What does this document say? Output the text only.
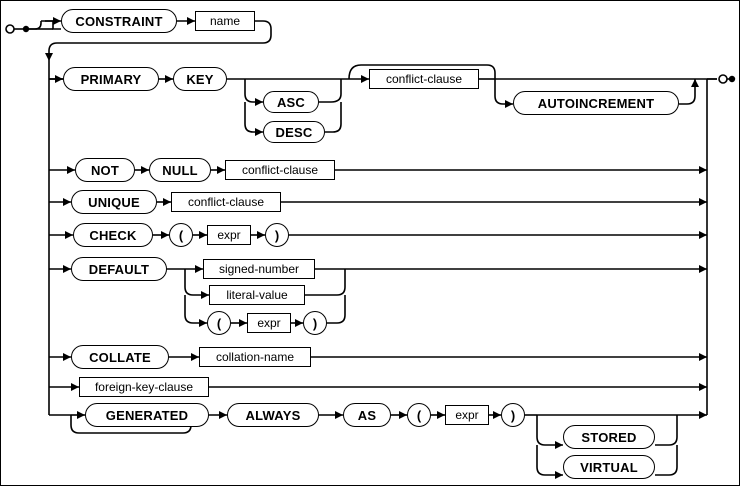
CONSTRAINT	name
PRIMARY	KEY
ASC
DESC
conflict-clause
AUTOINCREMENT
NOT	NULL	conflict-clause
UNIQUE	conflict-clause
CHECK	(	expr	)
DEFAULT	signed-number
literal-value
(	expr	)
COLLATE	collation-name
foreign-key-clause
GENERATED	ALWAYS	AS	(	expr	)
STORED
VIRTUAL
